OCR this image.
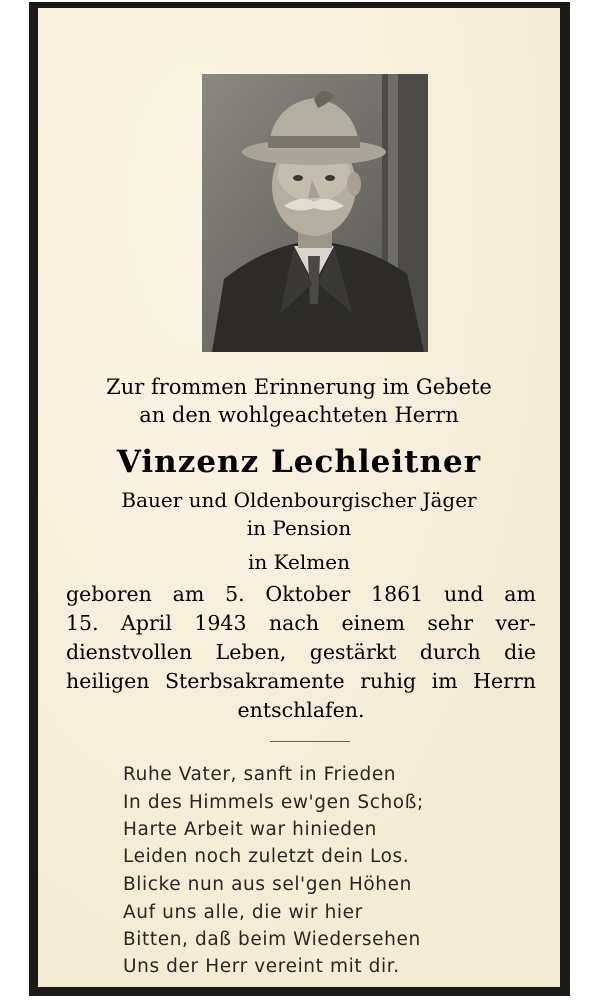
Zur frommen Erinnerung im Gebete
an den wohlgeachteten Herrn
Vinzenz Lechleitner
Bauer und Oldenbourgischer Jäger
in Pension
in Kelmen
geboren am 5. Oktober 1861 und am
15. April 1943 nach einem sehr ver-
dienstvollen Leben, gestärkt durch die
heiligen Sterbsakramente ruhig im Herrn
entschlafen.
Ruhe Vater, sanft in Frieden
In des Himmels ew'gen Schoß;
Harte Arbeit war hinieden
Leiden noch zuletzt dein Los.
Blicke nun aus sel'gen Höhen
Auf uns alle, die wir hier
Bitten, daß beim Wiedersehen
Uns der Herr vereint mit dir.
